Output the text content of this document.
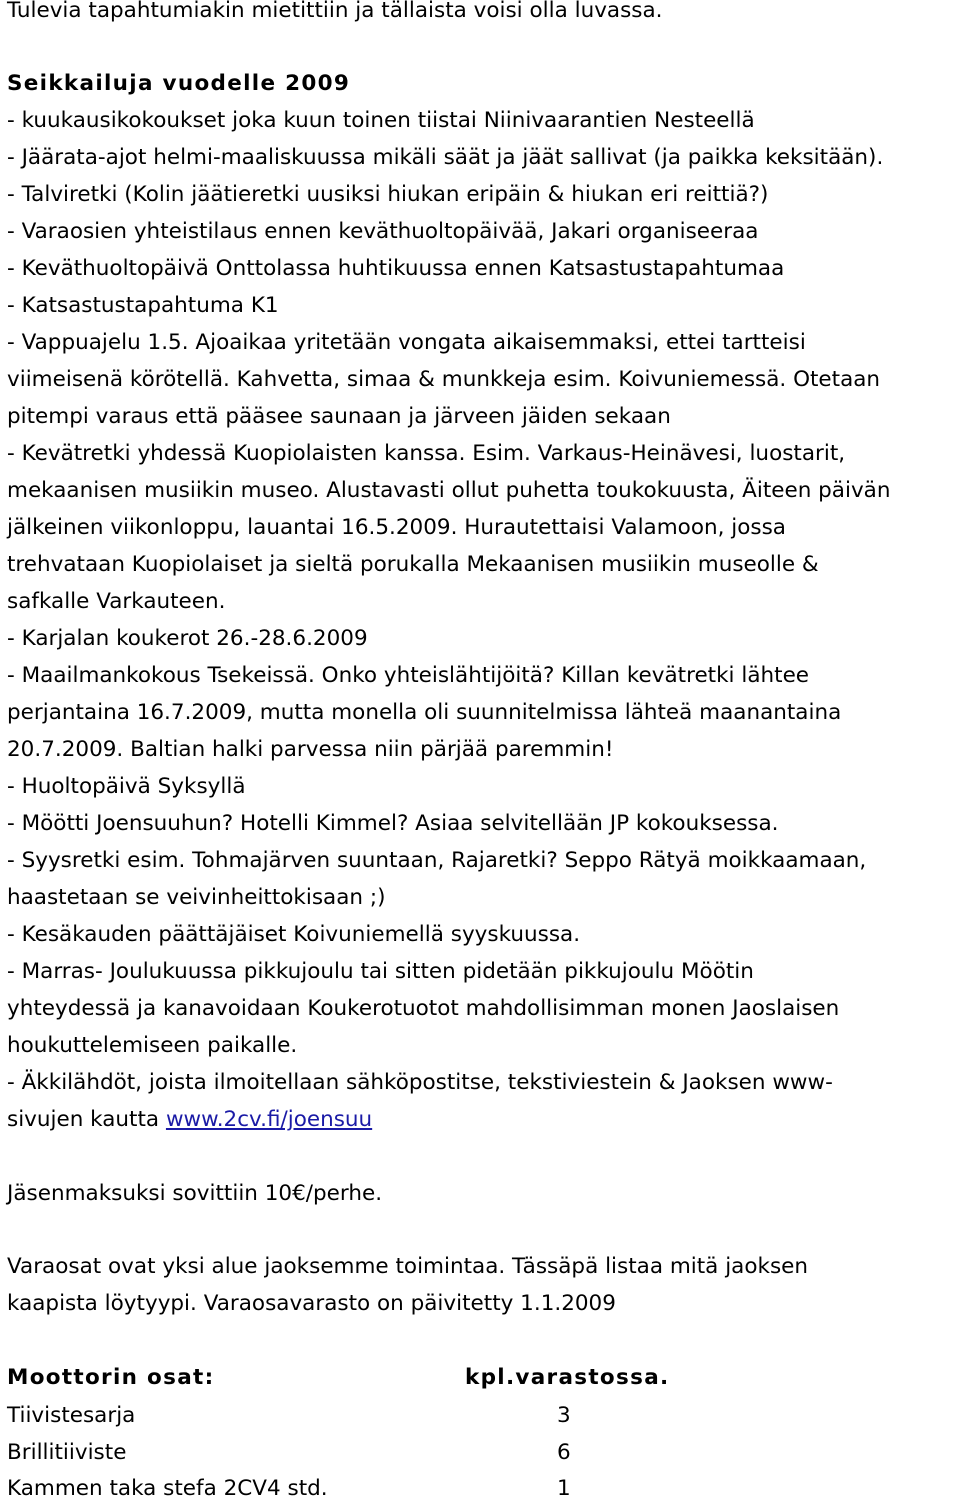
Tulevia tapahtumiakin mietittiin ja tällaista voisi olla luvassa.
Seikkailuja vuodelle 2009
- kuukausikokoukset joka kuun toinen tiistai Niinivaarantien Nesteellä
- Jäärata-ajot helmi-maaliskuussa mikäli säät ja jäät sallivat (ja paikka keksitään).
- Talviretki (Kolin jäätieretki uusiksi hiukan eripäin & hiukan eri reittiä?)
- Varaosien yhteistilaus ennen keväthuoltopäivää, Jakari organiseeraa
- Keväthuoltopäivä Onttolassa huhtikuussa ennen Katsastustapahtumaa
- Katsastustapahtuma K1
- Vappuajelu 1.5. Ajoaikaa yritetään vongata aikaisemmaksi, ettei tartteisi
viimeisenä körötellä. Kahvetta, simaa & munkkeja esim. Koivuniemessä. Otetaan
pitempi varaus että pääsee saunaan ja järveen jäiden sekaan
- Kevätretki yhdessä Kuopiolaisten kanssa. Esim. Varkaus-Heinävesi, luostarit,
mekaanisen musiikin museo. Alustavasti ollut puhetta toukokuusta, Äiteen päivän
jälkeinen viikonloppu, lauantai 16.5.2009. Hurautettaisi Valamoon, jossa
trehvataan Kuopiolaiset ja sieltä porukalla Mekaanisen musiikin museolle &
safkalle Varkauteen.
- Karjalan koukerot 26.-28.6.2009
- Maailmankokous Tsekeissä. Onko yhteislähtijöitä? Killan kevätretki lähtee
perjantaina 16.7.2009, mutta monella oli suunnitelmissa lähteä maanantaina
20.7.2009. Baltian halki parvessa niin pärjää paremmin!
- Huoltopäivä Syksyllä
- Möötti Joensuuhun? Hotelli Kimmel? Asiaa selvitellään JP kokouksessa.
- Syysretki esim. Tohmajärven suuntaan, Rajaretki? Seppo Rätyä moikkaamaan,
haastetaan se veivinheittokisaan ;)
- Kesäkauden päättäjäiset Koivuniemellä syyskuussa.
- Marras- Joulukuussa pikkujoulu tai sitten pidetään pikkujoulu Möötin
yhteydessä ja kanavoidaan Koukerotuotot mahdollisimman monen Jaoslaisen
houkuttelemiseen paikalle.
- Äkkilähdöt, joista ilmoitellaan sähköpostitse, tekstiviestein & Jaoksen www-
sivujen kautta www.2cv.fi/joensuu
Jäsenmaksuksi sovittiin 10€/perhe.
Varaosat ovat yksi alue jaoksemme toimintaa. Tässäpä listaa mitä jaoksen
kaapista löytyypi. Varaosavarasto on päivitetty 1.1.2009
Moottorin osat:	kpl.varastossa.
Tiivistesarja	3
Brillitiiviste	6
Kammen taka stefa 2CV4 std.	1
